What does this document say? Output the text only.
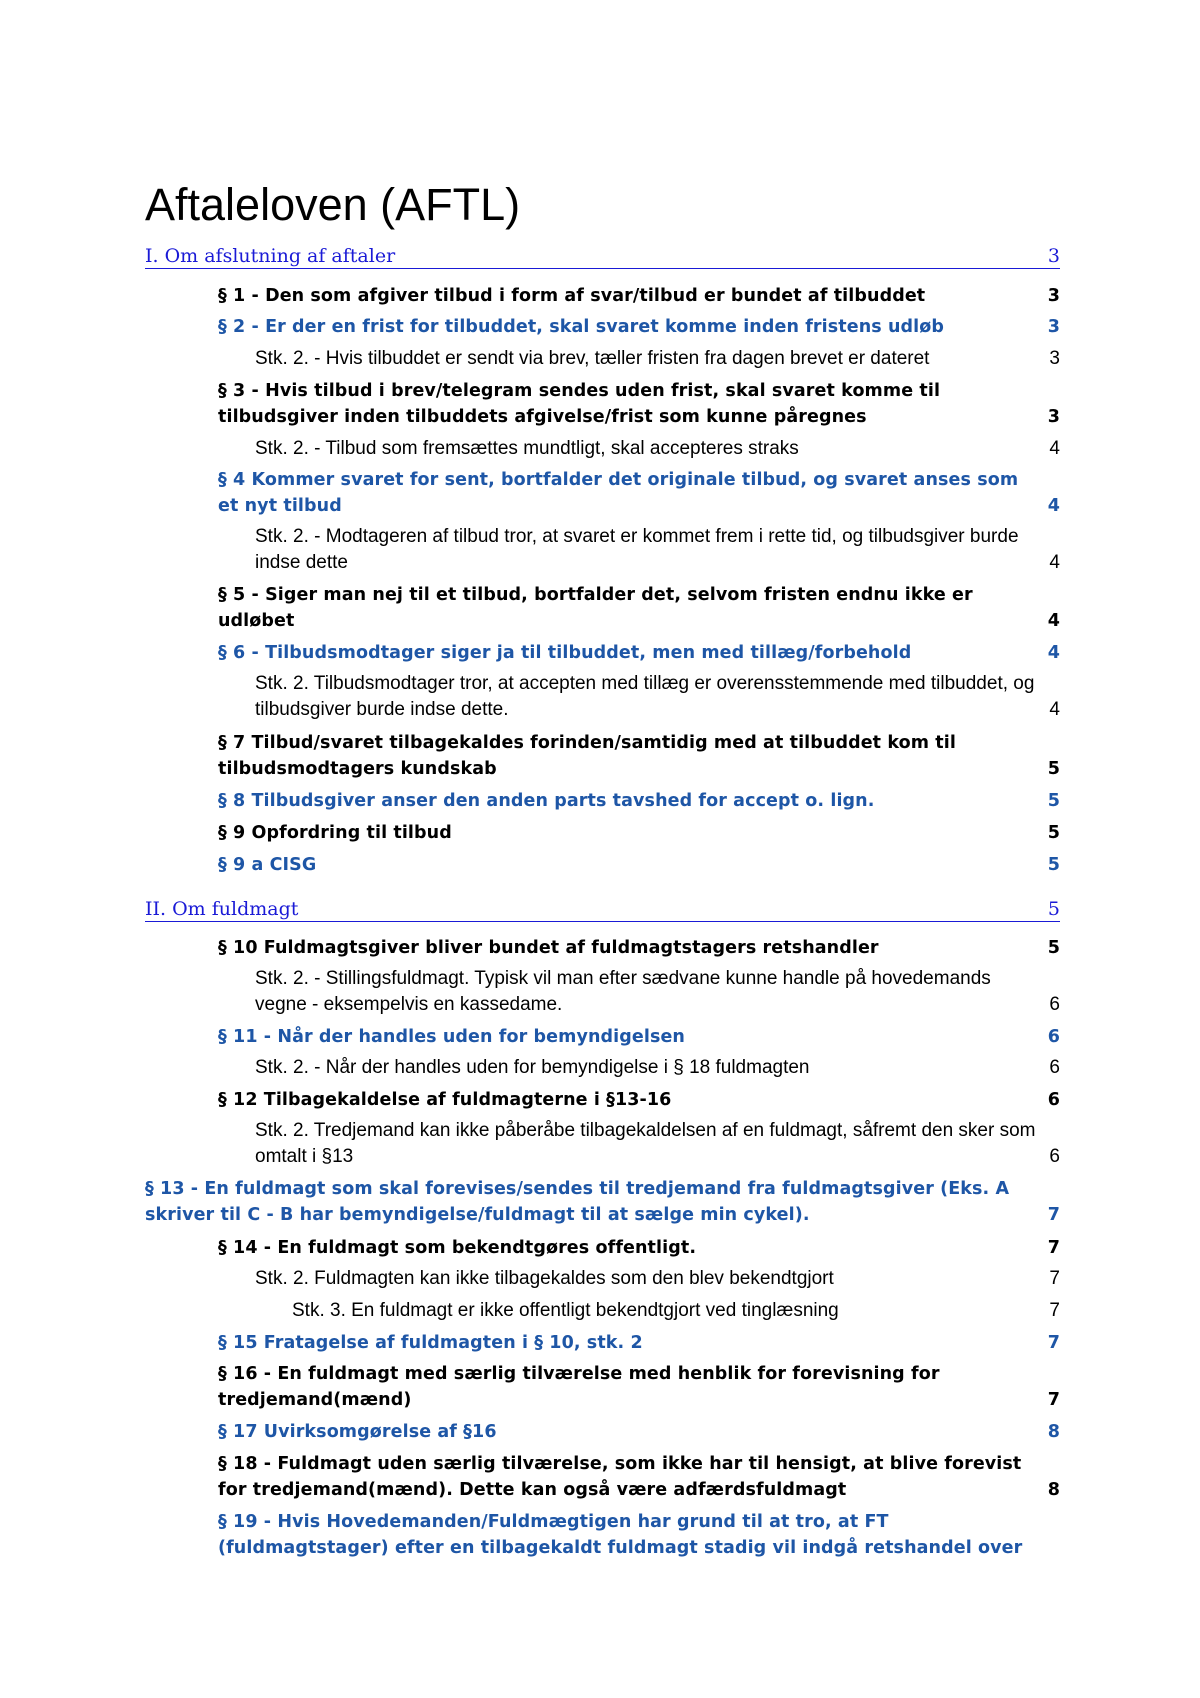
Aftaleloven (AFTL)
I. Om afslutning af aftaler	3
§ 1 - Den som afgiver tilbud i form af svar/tilbud er bundet af tilbuddet	3
§ 2 - Er der en frist for tilbuddet, skal svaret komme inden fristens udløb	3
Stk. 2. - Hvis tilbuddet er sendt via brev, tæller fristen fra dagen brevet er dateret	3
§ 3 - Hvis tilbud i brev/telegram sendes uden frist, skal svaret komme til tilbudsgiver inden tilbuddets afgivelse/frist som kunne påregnes	3
Stk. 2. - Tilbud som fremsættes mundtligt, skal accepteres straks	4
§ 4 Kommer svaret for sent, bortfalder det originale tilbud, og svaret anses som et nyt tilbud	4
Stk. 2. - Modtageren af tilbud tror, at svaret er kommet frem i rette tid, og tilbudsgiver burde indse dette	4
§ 5 - Siger man nej til et tilbud, bortfalder det, selvom fristen endnu ikke er udløbet	4
§ 6 - Tilbudsmodtager siger ja til tilbuddet, men med tillæg/forbehold	4
Stk. 2. Tilbudsmodtager tror, at accepten med tillæg er overensstemmende med tilbuddet, og tilbudsgiver burde indse dette.	4
§ 7 Tilbud/svaret tilbagekaldes forinden/samtidig med at tilbuddet kom til tilbudsmodtagers kundskab	5
§ 8 Tilbudsgiver anser den anden parts tavshed for accept o. lign.	5
§ 9 Opfordring til tilbud	5
§ 9 a CISG	5
II. Om fuldmagt	5
§ 10 Fuldmagtsgiver bliver bundet af fuldmagtstagers retshandler	5
Stk. 2. - Stillingsfuldmagt. Typisk vil man efter sædvane kunne handle på hovedemands vegne - eksempelvis en kassedame.	6
§ 11 - Når der handles uden for bemyndigelsen	6
Stk. 2. - Når der handles uden for bemyndigelse i § 18 fuldmagten	6
§ 12 Tilbagekaldelse af fuldmagterne i §13-16	6
Stk. 2. Tredjemand kan ikke påberåbe tilbagekaldelsen af en fuldmagt, såfremt den sker som omtalt i §13	6
§ 13 - En fuldmagt som skal forevises/sendes til tredjemand fra fuldmagtsgiver (Eks. A skriver til C - B har bemyndigelse/fuldmagt til at sælge min cykel).	7
§ 14 - En fuldmagt som bekendtgøres offentligt.	7
Stk. 2. Fuldmagten kan ikke tilbagekaldes som den blev bekendtgjort	7
Stk. 3. En fuldmagt er ikke offentligt bekendtgjort ved tinglæsning	7
§ 15 Fratagelse af fuldmagten i § 10, stk. 2	7
§ 16 - En fuldmagt med særlig tilværelse med henblik for forevisning for tredjemand(mænd)	7
§ 17 Uvirksomgørelse af §16	8
§ 18 - Fuldmagt uden særlig tilværelse, som ikke har til hensigt, at blive forevist for tredjemand(mænd). Dette kan også være adfærdsfuldmagt	8
§ 19 - Hvis Hovedemanden/Fuldmægtigen har grund til at tro, at FT (fuldmagtstager) efter en tilbagekaldt fuldmagt stadig vil indgå retshandel over
